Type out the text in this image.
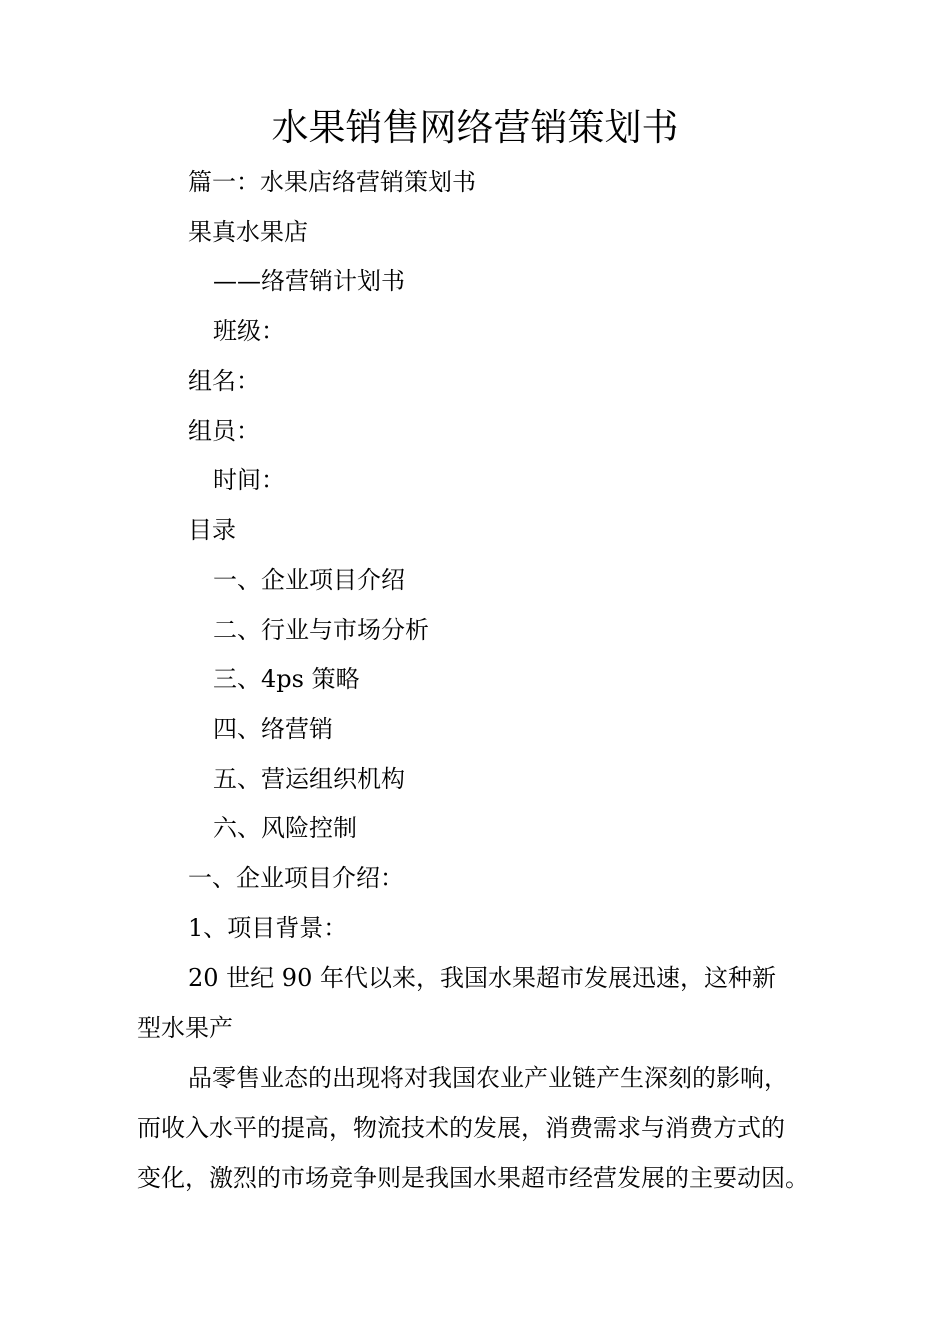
水果销售网络营销策划书
篇一：水果店络营销策划书
果真水果店
——络营销计划书
班级：
组名：
组员：
时间：
目录
一、企业项目介绍
二、行业与市场分析
三、4ps 策略
四、络营销
五、营运组织机构
六、风险控制
一、企业项目介绍：
1、项目背景：
20 世纪 90 年代以来，我国水果超市发展迅速，这种新
型水果产
品零售业态的出现将对我国农业产业链产生深刻的影响，
而收入水平的提高，物流技术的发展，消费需求与消费方式的
变化，激烈的市场竞争则是我国水果超市经营发展的主要动因。
